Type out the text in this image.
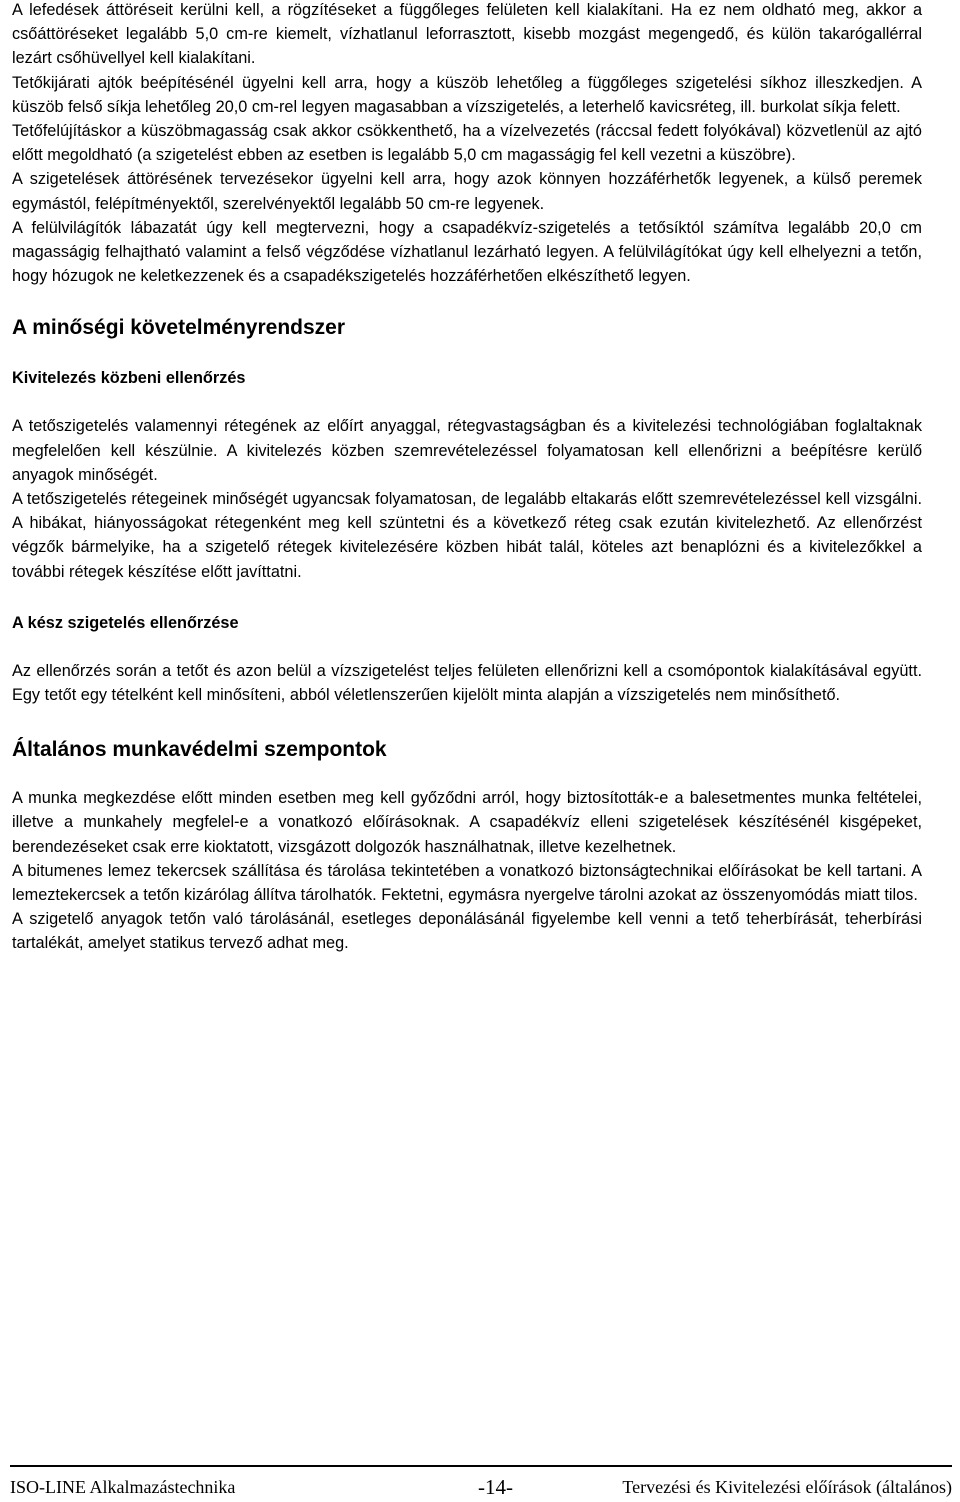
A lefedések áttöréseit kerülni kell, a rögzítéseket a függőleges felületen kell kialakítani. Ha ez nem oldható meg, akkor a csőáttöréseket legalább 5,0 cm-re kiemelt, vízhatlanul leforrasztott, kisebb mozgást megengedő, és külön takarógallérral lezárt csőhüvellyel kell kialakítani.

Tetőkijárati ajtók beépítésénél ügyelni kell arra, hogy a küszöb lehetőleg a függőleges szigetelési síkhoz illeszkedjen. A küszöb felső síkja lehetőleg 20,0 cm-rel legyen magasabban a vízszigetelés, a leterhelő kavicsréteg, ill. burkolat síkja felett.

Tetőfelújításkor a küszöbmagasság csak akkor csökkenthető, ha a vízelvezetés (ráccsal fedett folyókával) közvetlenül az ajtó előtt megoldható (a szigetelést ebben az esetben is legalább 5,0 cm magasságig fel kell vezetni a küszöbre).

A szigetelések áttörésének tervezésekor ügyelni kell arra, hogy azok könnyen hozzáférhetők legyenek, a külső peremek egymástól, felépítményektől, szerelvényektől legalább 50 cm-re legyenek.

A felülvilágítók lábazatát úgy kell megtervezni, hogy a csapadékvíz-szigetelés a tetősíktól számítva legalább 20,0 cm magasságig felhajtható valamint a felső végződése vízhatlanul lezárható legyen. A felülvilágítókat úgy kell elhelyezni a tetőn, hogy hózugok ne keletkezzenek és a csapadékszigetelés hozzáférhetően elkészíthető legyen.

A minőségi követelményrendszer
Kivitelezés közbeni ellenőrzés

A tetőszigetelés valamennyi rétegének az előírt anyaggal, rétegvastagságban és a kivitelezési technológiában foglaltaknak megfelelően kell készülnie. A kivitelezés közben szemrevételezéssel folyamatosan kell ellenőrizni a beépítésre kerülő anyagok minőségét.

A tetőszigetelés rétegeinek minőségét ugyancsak folyamatosan, de legalább eltakarás előtt szemrevételezéssel kell vizsgálni. A hibákat, hiányosságokat rétegenként meg kell szüntetni és a következő réteg csak ezután kivitelezhető. Az ellenőrzést végzők bármelyike, ha a szigetelő rétegek kivitelezésére közben hibát talál, köteles azt benaplózni és a kivitelezőkkel a további rétegek készítése előtt javíttatni.

A kész szigetelés ellenőrzése

Az ellenőrzés során a tetőt és azon belül a vízszigetelést teljes felületen ellenőrizni kell a csomópontok kialakításával együtt. Egy tetőt egy tételként kell minősíteni, abból véletlenszerűen kijelölt minta alapján a vízszigetelés nem minősíthető.

Általános munkavédelmi szempontok

A munka megkezdése előtt minden esetben meg kell győződni arról, hogy biztosították-e a balesetmentes munka feltételei, illetve a munkahely megfelel-e a vonatkozó előírásoknak. A csapadékvíz elleni szigetelések készítésénél kisgépeket, berendezéseket csak erre kioktatott, vizsgázott dolgozók használhatnak, illetve kezelhetnek.

A bitumenes lemez tekercsek szállítása és tárolása tekintetében a vonatkozó biztonságtechnikai előírásokat be kell tartani. A lemeztekercsek a tetőn kizárólag állítva tárolhatók. Fektetni, egymásra nyergelve tárolni azokat az összenyomódás miatt tilos.

A szigetelő anyagok tetőn való tárolásánál, esetleges deponálásánál figyelembe kell venni a tető teherbírását, teherbírási tartalékát, amelyet statikus tervező adhat meg.

ISO-LINE Alkalmazástechnika	-14-	Tervezési és Kivitelezési előírások (általános)
